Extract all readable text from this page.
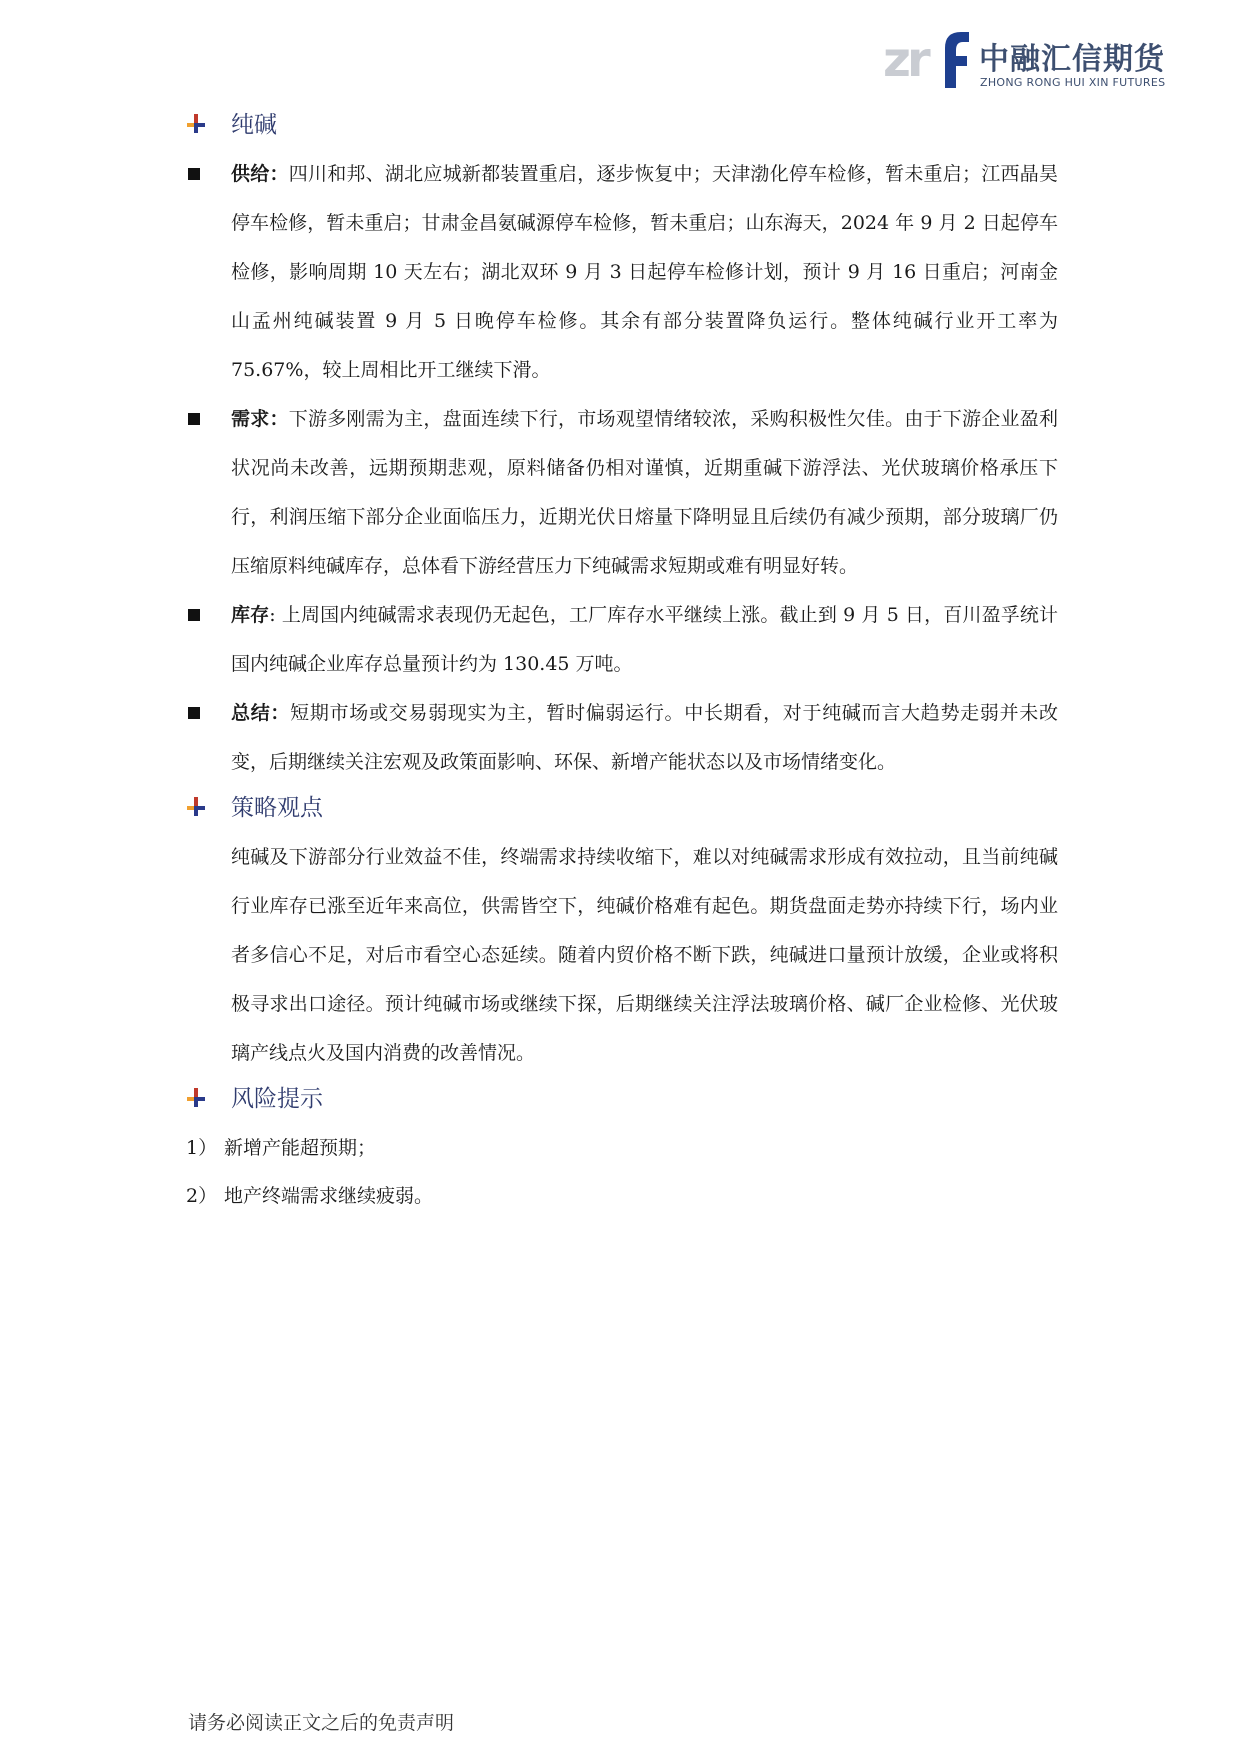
zr 中融汇信期货
ZHONG RONG HUI XIN FUTURES
纯碱
供给：四川和邦、湖北应城新都装置重启，逐步恢复中；天津渤化停车检修，暂未重启；江西晶昊停车检修，暂未重启；甘肃金昌氨碱源停车检修，暂未重启；山东海天，2024 年 9 月 2 日起停车检修，影响周期 10 天左右；湖北双环 9 月 3 日起停车检修计划，预计 9 月 16 日重启；河南金山孟州纯碱装置 9 月 5 日晚停车检修。其余有部分装置降负运行。整体纯碱行业开工率为 75.67%，较上周相比开工继续下滑。
需求：下游多刚需为主，盘面连续下行，市场观望情绪较浓，采购积极性欠佳。由于下游企业盈利状况尚未改善，远期预期悲观，原料储备仍相对谨慎，近期重碱下游浮法、光伏玻璃价格承压下行，利润压缩下部分企业面临压力，近期光伏日熔量下降明显且后续仍有减少预期，部分玻璃厂仍压缩原料纯碱库存，总体看下游经营压力下纯碱需求短期或难有明显好转。
库存: 上周国内纯碱需求表现仍无起色，工厂库存水平继续上涨。截止到 9 月 5 日，百川盈孚统计国内纯碱企业库存总量预计约为 130.45 万吨。
总结：短期市场或交易弱现实为主，暂时偏弱运行。中长期看，对于纯碱而言大趋势走弱并未改变，后期继续关注宏观及政策面影响、环保、新增产能状态以及市场情绪变化。
策略观点
纯碱及下游部分行业效益不佳，终端需求持续收缩下，难以对纯碱需求形成有效拉动，且当前纯碱行业库存已涨至近年来高位，供需皆空下，纯碱价格难有起色。期货盘面走势亦持续下行，场内业者多信心不足，对后市看空心态延续。随着内贸价格不断下跌，纯碱进口量预计放缓，企业或将积极寻求出口途径。预计纯碱市场或继续下探，后期继续关注浮法玻璃价格、碱厂企业检修、光伏玻璃产线点火及国内消费的改善情况。
风险提示
1） 新增产能超预期；
2） 地产终端需求继续疲弱。
请务必阅读正文之后的免责声明
